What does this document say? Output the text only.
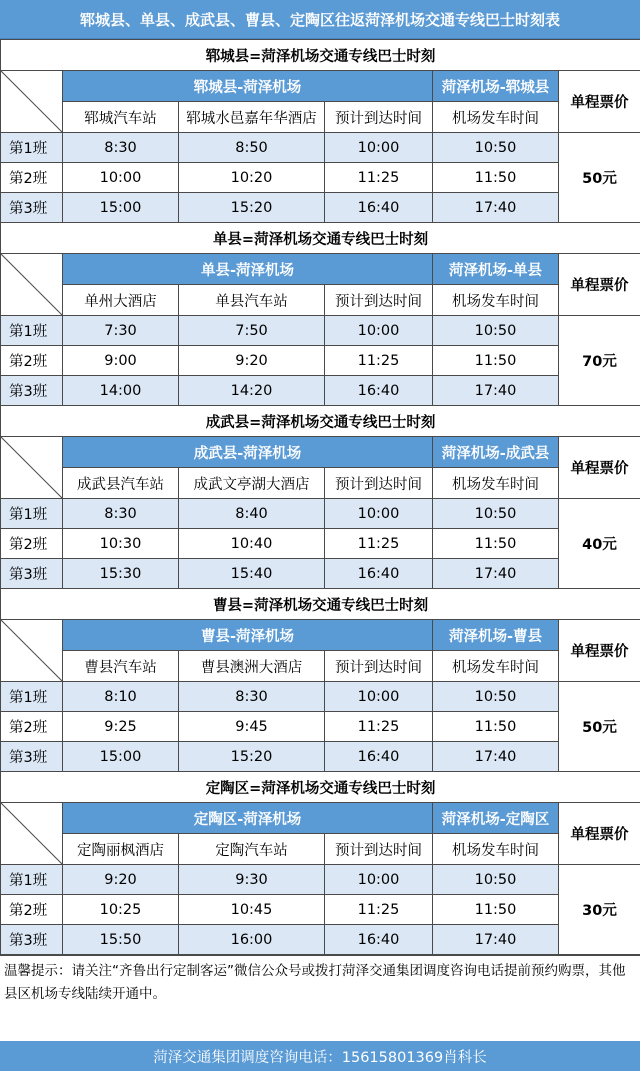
郓城县、单县、成武县、曹县、定陶区往返菏泽机场交通专线巴士时刻表
郓城县=菏泽机场交通专线巴士时刻					

	郓城县-菏泽机场			菏泽机场-郓城县	单程票价
	郓城汽车站	郓城水邑嘉年华酒店	预计到达时间	机场发车时间	
第1班	8:30	8:50	10:00	10:50	50元
第2班	10:00	10:20	11:25	11:50	
第3班	15:00	15:20	16:40	17:40	
单县=菏泽机场交通专线巴士时刻					

	单县-菏泽机场			菏泽机场-单县	单程票价
	单州大酒店	单县汽车站	预计到达时间	机场发车时间	
第1班	7:30	7:50	10:00	10:50	70元
第2班	9:00	9:20	11:25	11:50	
第3班	14:00	14:20	16:40	17:40	
成武县=菏泽机场交通专线巴士时刻					

	成武县-菏泽机场			菏泽机场-成武县	单程票价
	成武县汽车站	成武文亭湖大酒店	预计到达时间	机场发车时间	
第1班	8:30	8:40	10:00	10:50	40元
第2班	10:30	10:40	11:25	11:50	
第3班	15:30	15:40	16:40	17:40	
曹县=菏泽机场交通专线巴士时刻					

	曹县-菏泽机场			菏泽机场-曹县	单程票价
	曹县汽车站	曹县澳洲大酒店	预计到达时间	机场发车时间	
第1班	8:10	8:30	10:00	10:50	50元
第2班	9:25	9:45	11:25	11:50	
第3班	15:00	15:20	16:40	17:40	
定陶区=菏泽机场交通专线巴士时刻					

	定陶区-菏泽机场			菏泽机场-定陶区	单程票价
	定陶丽枫酒店	定陶汽车站	预计到达时间	机场发车时间	
第1班	9:20	9:30	10:00	10:50	30元
第2班	10:25	10:45	11:25	11:50	
第3班	15:50	16:00	16:40	17:40	
温馨提示：请关注“齐鲁出行定制客运”微信公众号或拨打菏泽交通集团调度咨询电话提前预约购票，其他县区机场专线陆续开通中。
菏泽交通集团调度咨询电话：15615801369肖科长
